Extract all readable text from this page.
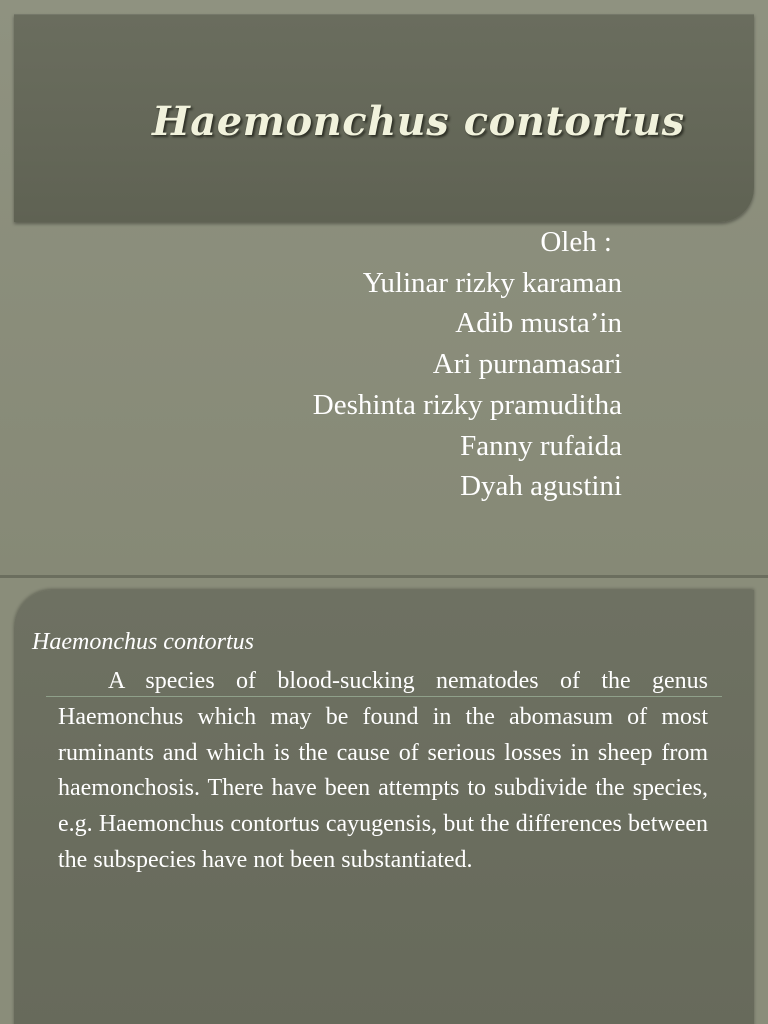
Haemonchus contortus
Oleh :
Yulinar rizky karaman
Adib musta’in
Ari purnamasari
Deshinta rizky pramuditha
Fanny rufaida
Dyah agustini
Haemonchus contortus

A species of blood-sucking nematodes of the genus Haemonchus which may be found in the abomasum of most ruminants and which is the cause of serious losses in sheep from haemonchosis. There have been attempts to subdivide the species, e.g. Haemonchus contortus cayugensis, but the differences between the subspecies have not been substantiated.
